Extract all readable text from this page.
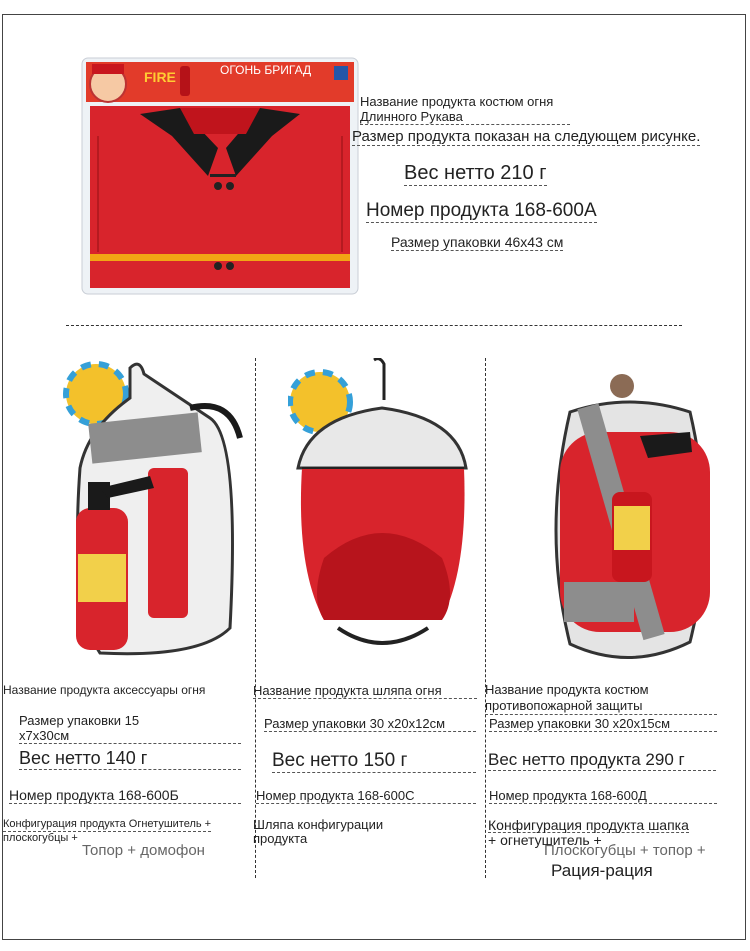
FIRE	ОГОНЬ БРИГАД
Название продукта костюм огня
Длинного Рукава
Размер продукта показан на следующем рисунке.
Вес нетто 210 г
Номер продукта 168-600A
Размер упаковки 46x43 см
Название продукта аксессуары огня
Размер упаковки 15
x7x30см
Вес нетто 140 г
Номер продукта 168-600Б
Конфигурация продукта Огнетушитель +
плоскогубцы +
Топор + домофон
Название продукта шляпа огня
Размер упаковки 30 x20x12см
Вес нетто 150 г
Номер продукта 168-600С
Шляпа конфигурации
продукта
Название продукта костюм
противопожарной защиты
Размер упаковки 30 x20x15см
Вес нетто продукта 290 г
Номер продукта 168-600Д
Конфигурация продукта шапка
+ огнетушитель +
Плоскогубцы + топор +
Рация-рация
